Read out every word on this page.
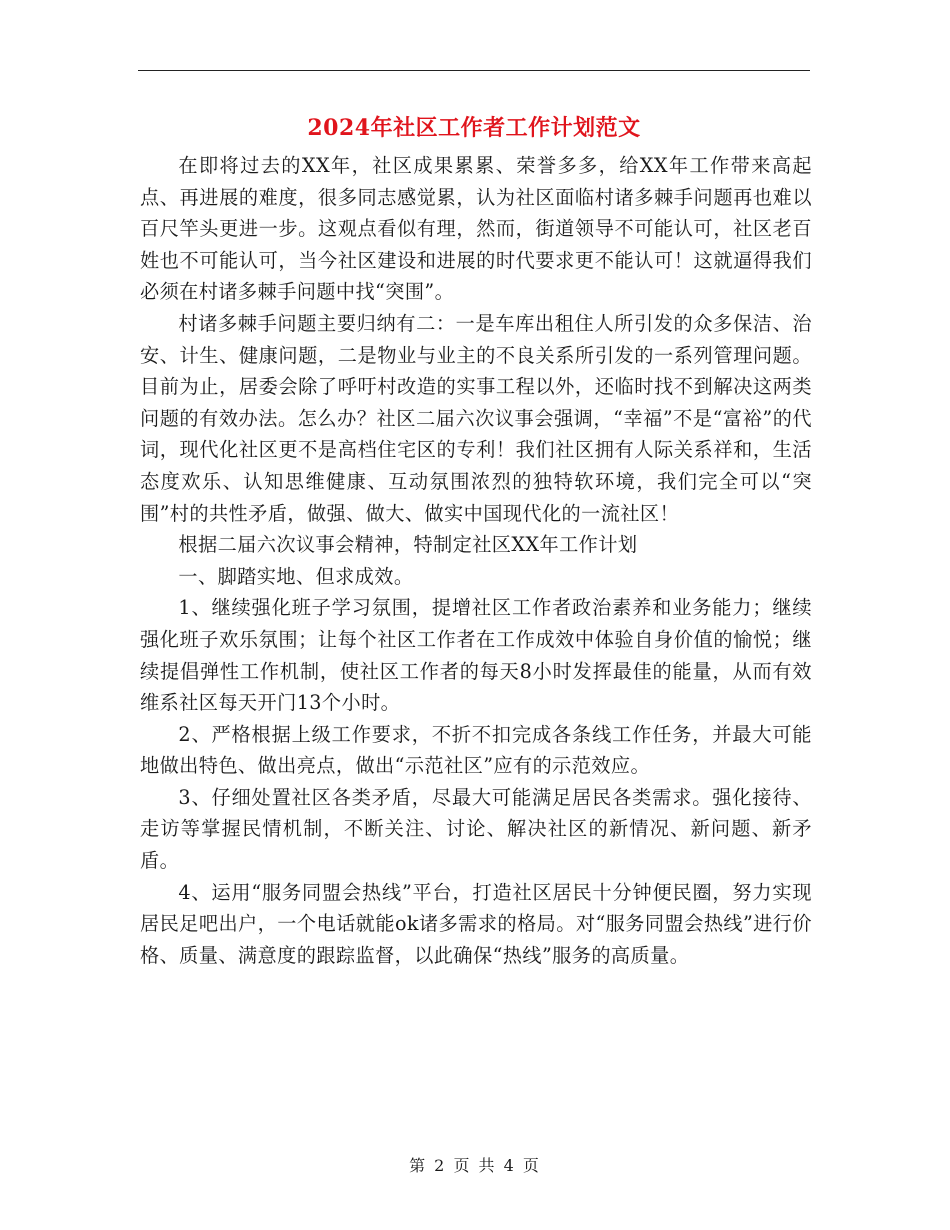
2024年社区工作者工作计划范文

在即将过去的XX年，社区成果累累、荣誉多多，给XX年工作带来高起点、再进展的难度，很多同志感觉累，认为社区面临村诸多棘手问题再也难以百尺竿头更进一步。这观点看似有理，然而，街道领导不可能认可，社区老百姓也不可能认可，当今社区建设和进展的时代要求更不能认可！这就逼得我们必须在村诸多棘手问题中找“突围”。

村诸多棘手问题主要归纳有二：一是车库出租住人所引发的众多保洁、治安、计生、健康问题，二是物业与业主的不良关系所引发的一系列管理问题。目前为止，居委会除了呼吁村改造的实事工程以外，还临时找不到解决这两类问题的有效办法。怎么办？社区二届六次议事会强调，“幸福”不是“富裕”的代词，现代化社区更不是高档住宅区的专利！我们社区拥有人际关系祥和，生活态度欢乐、认知思维健康、互动氛围浓烈的独特软环境，我们完全可以“突围”村的共性矛盾，做强、做大、做实中国现代化的一流社区！

根据二届六次议事会精神，特制定社区XX年工作计划

一、脚踏实地、但求成效。

1、继续强化班子学习氛围，提增社区工作者政治素养和业务能力；继续强化班子欢乐氛围；让每个社区工作者在工作成效中体验自身价值的愉悦；继续提倡弹性工作机制，使社区工作者的每天8小时发挥最佳的能量，从而有效维系社区每天开门13个小时。

2、严格根据上级工作要求，不折不扣完成各条线工作任务，并最大可能地做出特色、做出亮点，做出“示范社区”应有的示范效应。

3、仔细处置社区各类矛盾，尽最大可能满足居民各类需求。强化接待、走访等掌握民情机制，不断关注、讨论、解决社区的新情况、新问题、新矛盾。

4、运用“服务同盟会热线”平台，打造社区居民十分钟便民圈，努力实现居民足吧出户，一个电话就能ok诸多需求的格局。对“服务同盟会热线”进行价格、质量、满意度的跟踪监督，以此确保“热线”服务的高质量。

第 2 页 共 4 页
